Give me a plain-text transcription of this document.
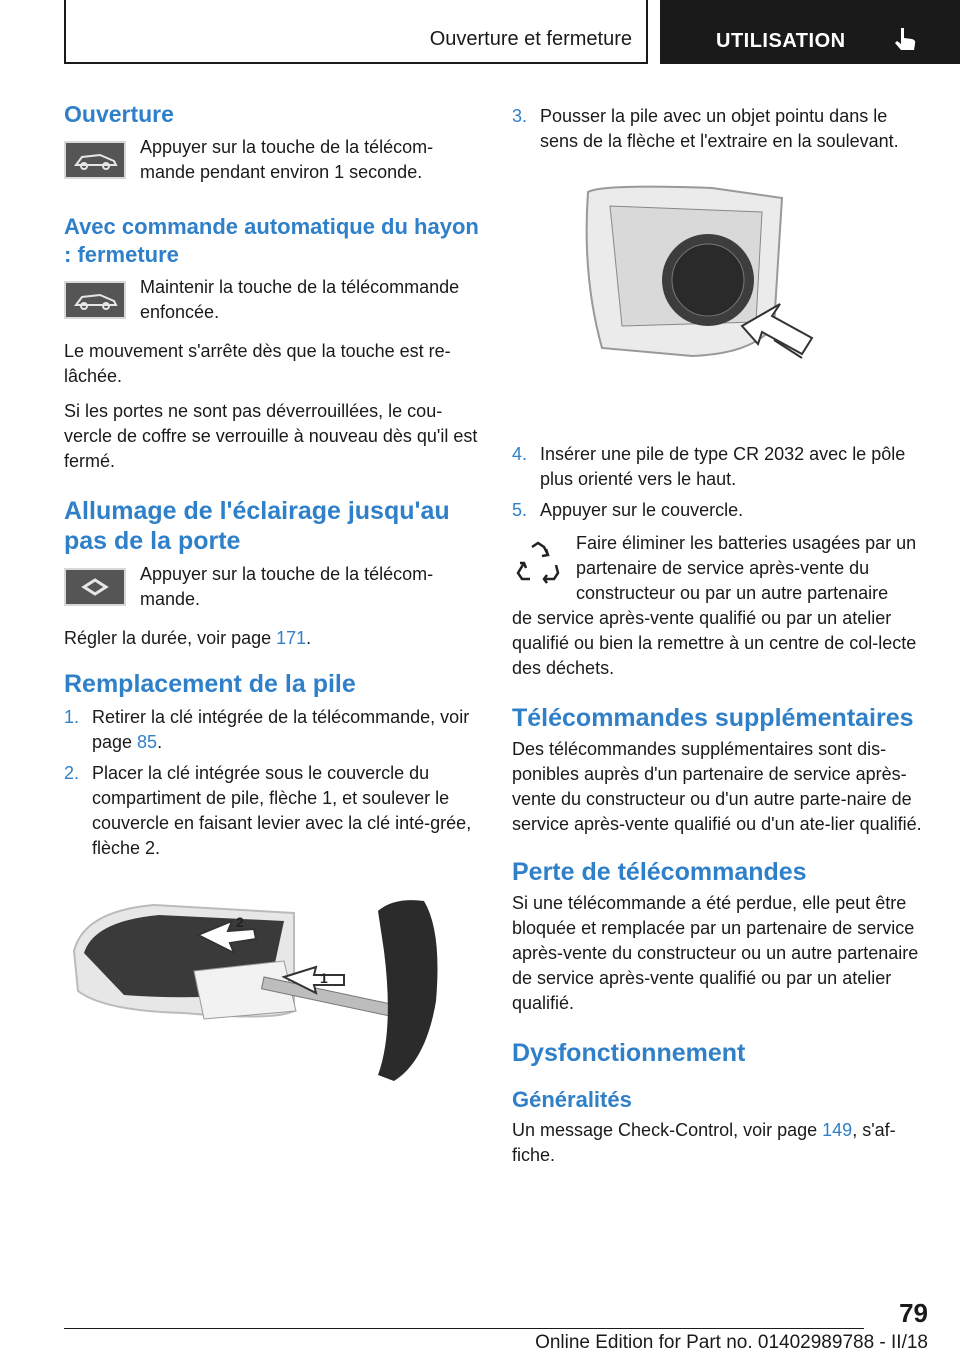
Ouverture et fermeture	UTILISATION
Ouverture

Appuyer sur la touche de la télécom-mande pendant environ 1 seconde.

Avec commande automatique du hayon : fermeture

Maintenir la touche de la télécommande enfoncée.

Le mouvement s'arrête dès que la touche est re-lâchée.

Si les portes ne sont pas déverrouillées, le cou-vercle de coffre se verrouille à nouveau dès qu'il est fermé.

Allumage de l'éclairage jusqu'au pas de la porte

Appuyer sur la touche de la télécom-mande.

Régler la durée, voir page 171.

Remplacement de la pile
1. Retirer la clé intégrée de la télécommande, voir page 85.
2. Placer la clé intégrée sous le couvercle du compartiment de pile, flèche 1, et soulever le couvercle en faisant levier avec la clé inté-grée, flèche 2.
2
1
3. Pousser la pile avec un objet pointu dans le sens de la flèche et l'extraire en la soulevant.
4. Insérer une pile de type CR 2032 avec le pôle plus orienté vers le haut.
5. Appuyer sur le couvercle.

Faire éliminer les batteries usagées par un partenaire de service après-vente du constructeur ou par un autre partenaire

de service après-vente qualifié ou par un atelier qualifié ou bien la remettre à un centre de col-lecte des déchets.

Télécommandes supplémentaires

Des télécommandes supplémentaires sont dis-ponibles auprès d'un partenaire de service après-vente du constructeur ou d'un autre parte-naire de service après-vente qualifié ou d'un ate-lier qualifié.

Perte de télécommandes

Si une télécommande a été perdue, elle peut être bloquée et remplacée par un partenaire de service après-vente du constructeur ou un autre partenaire de service après-vente qualifié ou par un atelier qualifié.

Dysfonctionnement
Généralités

Un message Check-Control, voir page 149, s'af-fiche.

79
Online Edition for Part no. 01402989788 - II/18
